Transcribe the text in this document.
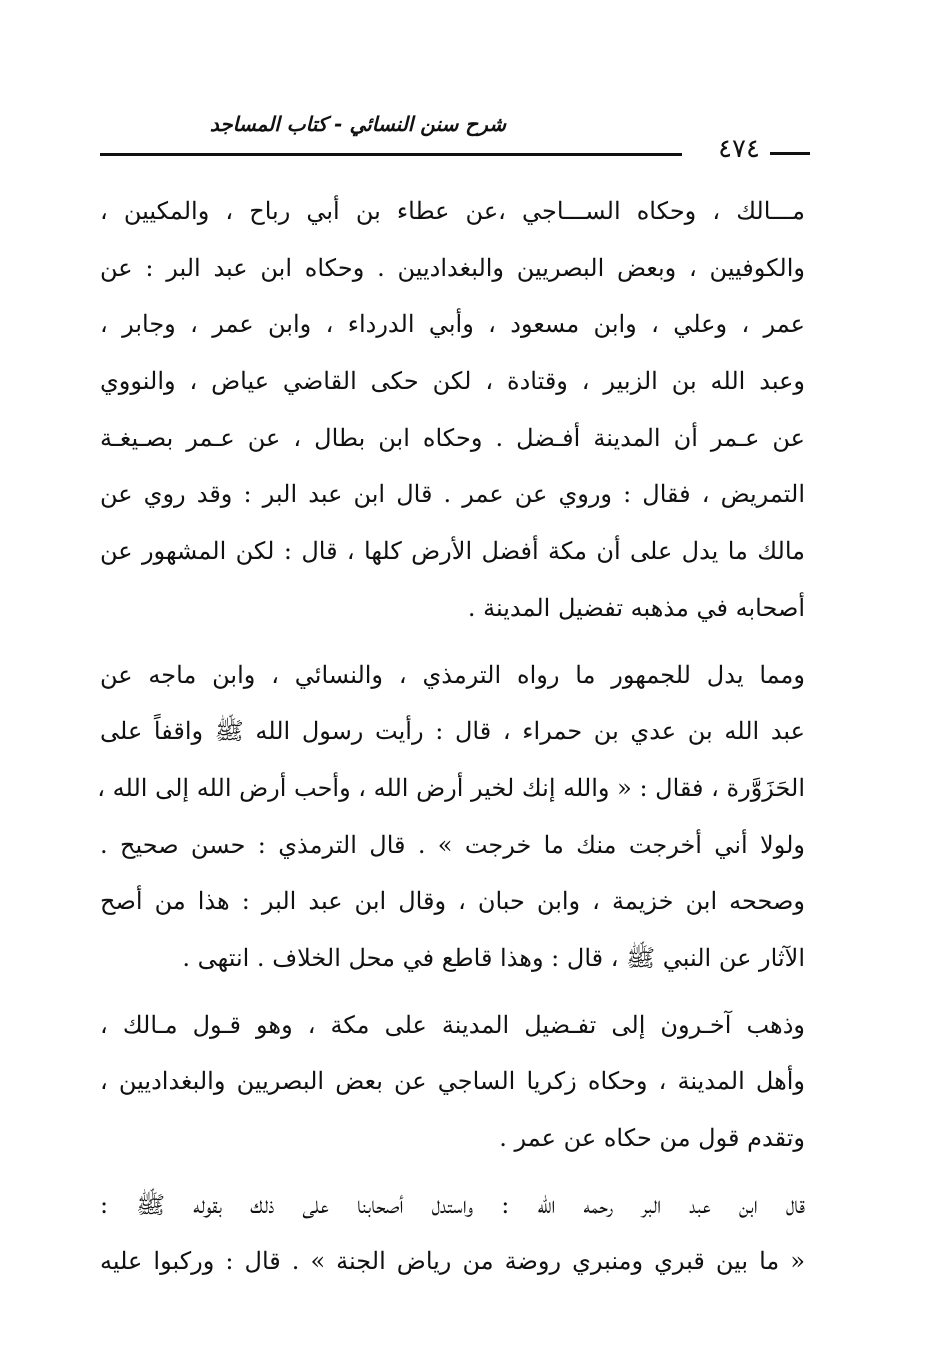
شرح سنن النسائي - كتاب المساجد
٤٧٤
مـــالك ، وحكاه الســـاجي ،عن عطاء بن أبي رباح ، والمكيين ،
والكوفيين ، وبعض البصريين والبغداديين . وحكاه ابن عبد البر : عن
عمر ، وعلي ، وابن مسعود ، وأبي الدرداء ، وابن عمر ، وجابر ،
وعبد الله بن الزبير ، وقتادة ، لكن حكى القاضي عياض ، والنووي
عن عـمر أن المدينة أفـضل . وحكاه ابن بطال ، عن عـمر بصـيغـة
التمريض ، فقال : وروي عن عمر . قال ابن عبد البر : وقد روي عن
مالك ما يدل على أن مكة أفضل الأرض كلها ، قال : لكن المشهور عن
أصحابه في مذهبه تفضيل المدينة .
ومما يدل للجمهور ما رواه الترمذي ، والنسائي ، وابن ماجه عن
عبد الله بن عدي بن حمراء ، قال : رأيت رسول الله ﷺ واقفاً على
الحَزَوَّرة ، فقال : « والله إنك لخير أرض الله ، وأحب أرض الله إلى الله ،
ولولا أني أخرجت منك ما خرجت » . قال الترمذي : حسن صحيح .
وصححه ابن خزيمة ، وابن حبان ، وقال ابن عبد البر : هذا من أصح
الآثار عن النبي ﷺ ، قال : وهذا قاطع في محل الخلاف . انتهى .
وذهب آخـرون إلى تفـضيل المدينة على مكة ، وهو قـول مـالك ،
وأهل المدينة ، وحكاه زكريا الساجي عن بعض البصريين والبغداديين ،
وتقدم قول من حكاه عن عمر .
قال ابن عبد البر رحمه الله : واستدل أصحابنا على ذلك بقوله ﷺ :
« ما بين قبري ومنبري روضة من رياض الجنة » . قال : وركبوا عليه
